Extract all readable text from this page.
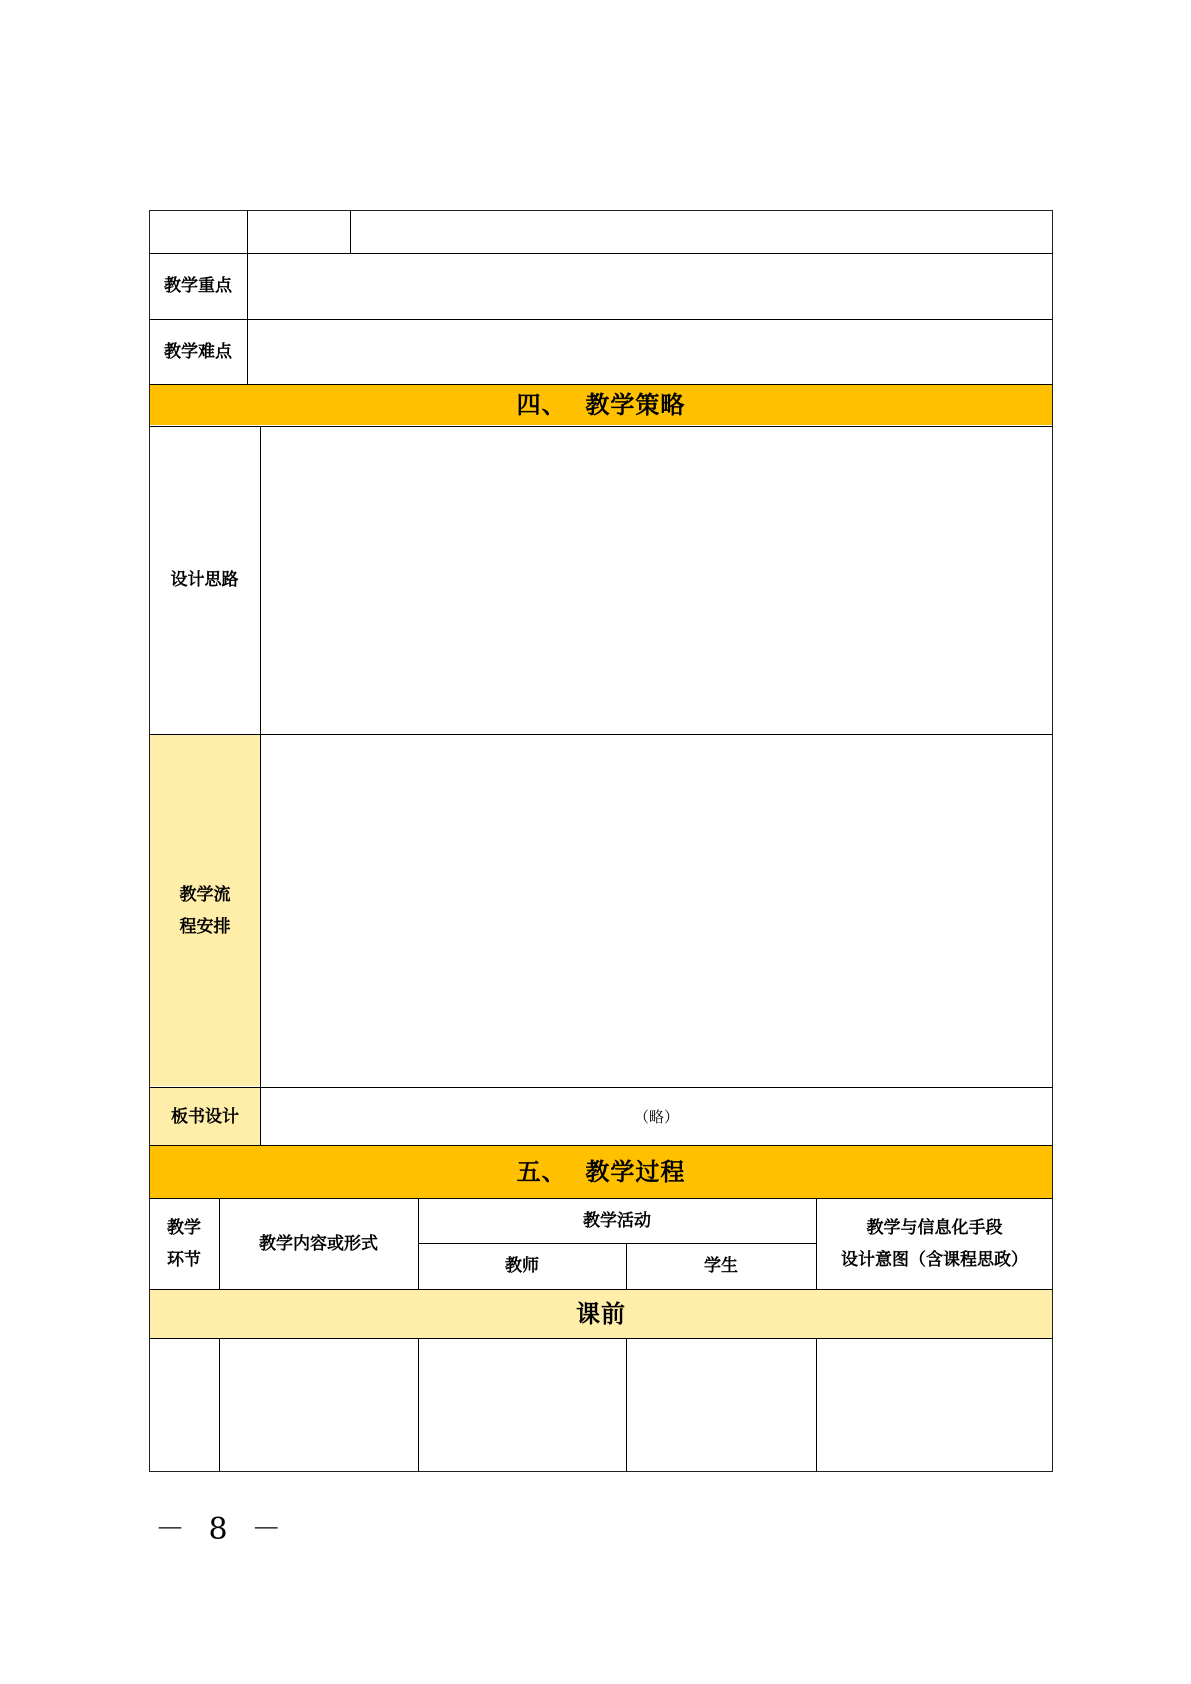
教学重点
教学难点
四、  教学策略
设计思路
教学流
程安排
板书设计	（略）
五、  教学过程
教学
环节
教学内容或形式
教学活动
教师	学生
教学与信息化手段
设计意图（含课程思政）
课前
－ 8 －
